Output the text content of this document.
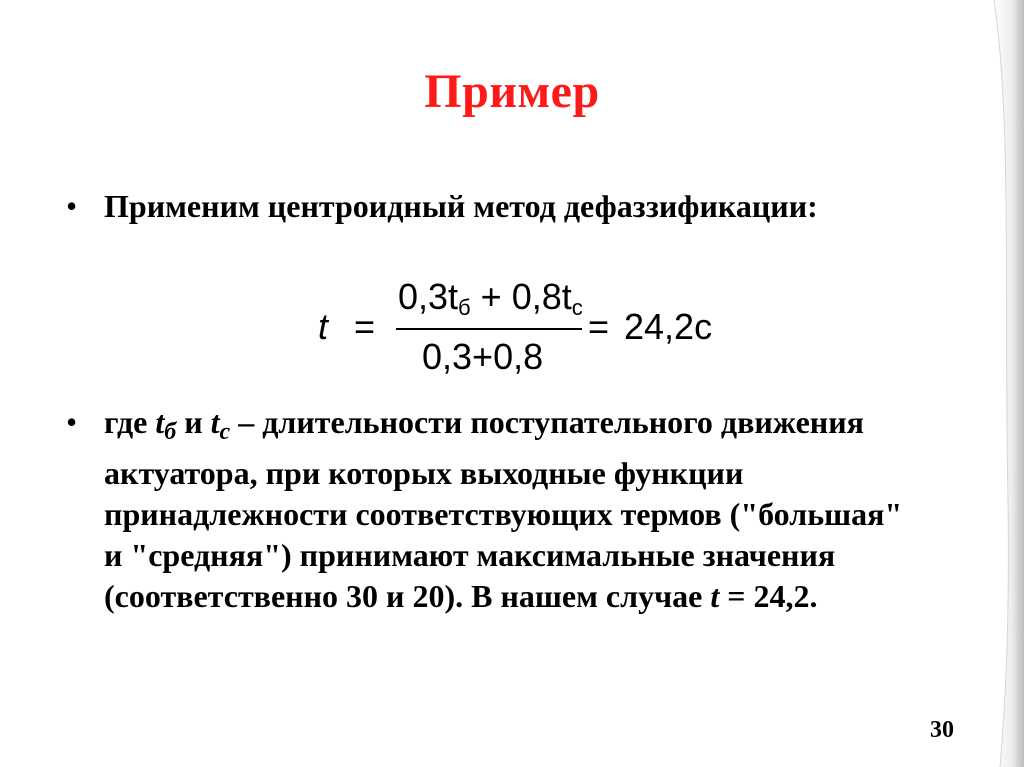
Пример
• Применим центроидный метод дефаззификации:
t =
$0,3t_б + 0,8t_с$
0,3+0,8
= 24,2с
• где tб и tс – длительности поступательного движения актуатора, при которых выходные функции принадлежности соответствующих термов ("большая" и "средняя") принимают максимальные значения (соответственно 30 и 20). В нашем случае t = 24,2.
30
